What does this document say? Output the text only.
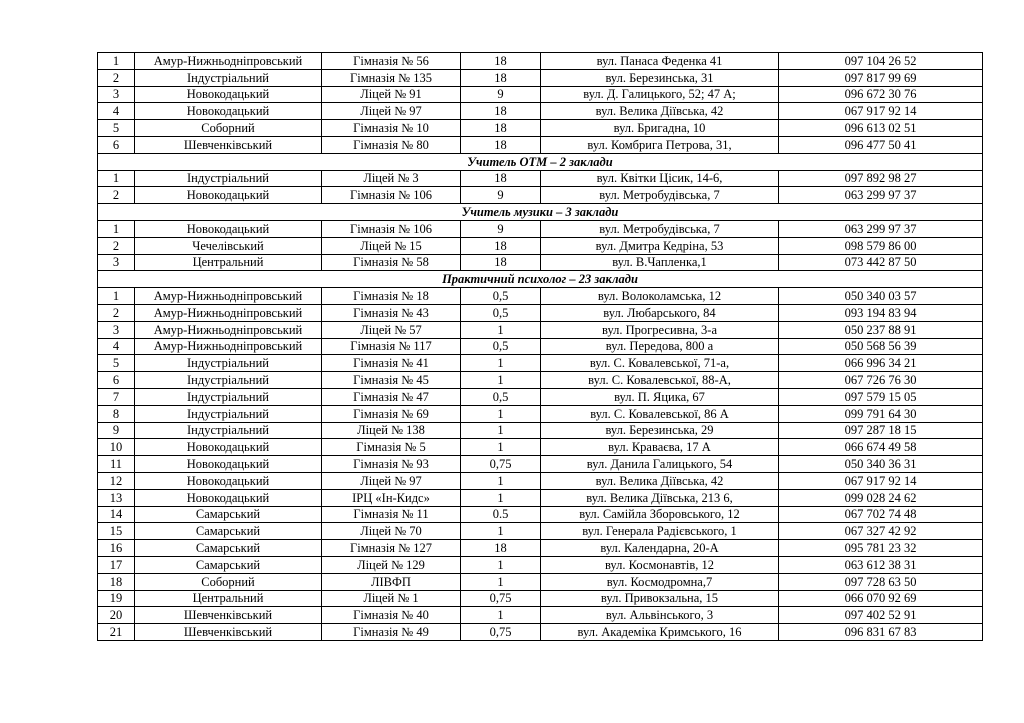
1	Амур-Нижньодніпровський	Гімназія № 56	18	вул. Панаса Феденка 41	097 104 26 52
2	Індустріальний	Гімназія № 135	18	вул. Березинська, 31	097 817 99 69
3	Новокодацький	Ліцей № 91	9	вул. Д. Галицького, 52; 47 А;	096 672 30 76
4	Новокодацький	Ліцей № 97	18	вул. Велика Діївська, 42	067 917 92 14
5	Соборний	Гімназія № 10	18	вул. Бригадна, 10	096 613 02 51
6	Шевченківський	Гімназія № 80	18	вул. Комбрига Петрова, 31,	096 477 50 41
Учитель ОТМ – 2 заклади					
1	Індустріальний	Ліцей № 3	18	вул. Квітки Цісик, 14-6,	097 892 98 27
2	Новокодацький	Гімназія № 106	9	вул. Метробудівська, 7	063 299 97 37
Учитель музики – 3 заклади					
1	Новокодацький	Гімназія № 106	9	вул. Метробудівська, 7	063 299 97 37
2	Чечелівський	Ліцей № 15	18	вул. Дмитра Кедріна, 53	098 579 86 00
3	Центральний	Гімназія № 58	18	вул. В.Чапленка,1	073 442 87 50
Практичний психолог – 23 заклади					
1	Амур-Нижньодніпровський	Гімназія № 18	0,5	вул. Волоколамська, 12	050 340 03 57
2	Амур-Нижньодніпровський	Гімназія № 43	0,5	вул. Любарського, 84	093 194 83 94
3	Амур-Нижньодніпровський	Ліцей № 57	1	вул. Прогресивна, 3-а	050 237 88 91
4	Амур-Нижньодніпровський	Гімназія № 117	0,5	вул. Передова, 800 а	050 568 56 39
5	Індустріальний	Гімназія № 41	1	вул. С. Ковалевської, 71-а,	066 996 34 21
6	Індустріальний	Гімназія № 45	1	вул. С. Ковалевської, 88-А,	067 726 76 30
7	Індустріальний	Гімназія № 47	0,5	вул. П. Яцика, 67	097 579 15 05
8	Індустріальний	Гімназія № 69	1	вул. С. Ковалевської, 86 А	099 791 64 30
9	Індустріальний	Ліцей № 138	1	вул. Березинська, 29	097 287 18 15
10	Новокодацький	Гімназія № 5	1	вул. Краваєва, 17 А	066 674 49 58
11	Новокодацький	Гімназія № 93	0,75	вул. Данила Галицького, 54	050 340 36 31
12	Новокодацький	Ліцей № 97	1	вул. Велика Діївська, 42	067 917 92 14
13	Новокодацький	ІРЦ «Ін-Кидс»	1	вул. Велика Діївська, 213 6,	099 028 24 62
14	Самарський	Гімназія № 11	0.5	вул. Самійла Зборовського, 12	067 702 74 48
15	Самарський	Ліцей № 70	1	вул. Генерала Радієвського, 1	067 327 42 92
16	Самарський	Гімназія № 127	18	вул. Календарна, 20-А	095 781 23 32
17	Самарський	Ліцей № 129	1	вул. Космонавтів, 12	063 612 38 31
18	Соборний	ЛІВФП	1	вул. Космодромна,7	097 728 63 50
19	Центральний	Ліцей № 1	0,75	вул. Привокзальна, 15	066 070 92 69
20	Шевченківський	Гімназія № 40	1	вул. Альвінського, 3	097 402 52 91
21	Шевченківський	Гімназія № 49	0,75	вул. Академіка Кримського, 16	096 831 67 83
